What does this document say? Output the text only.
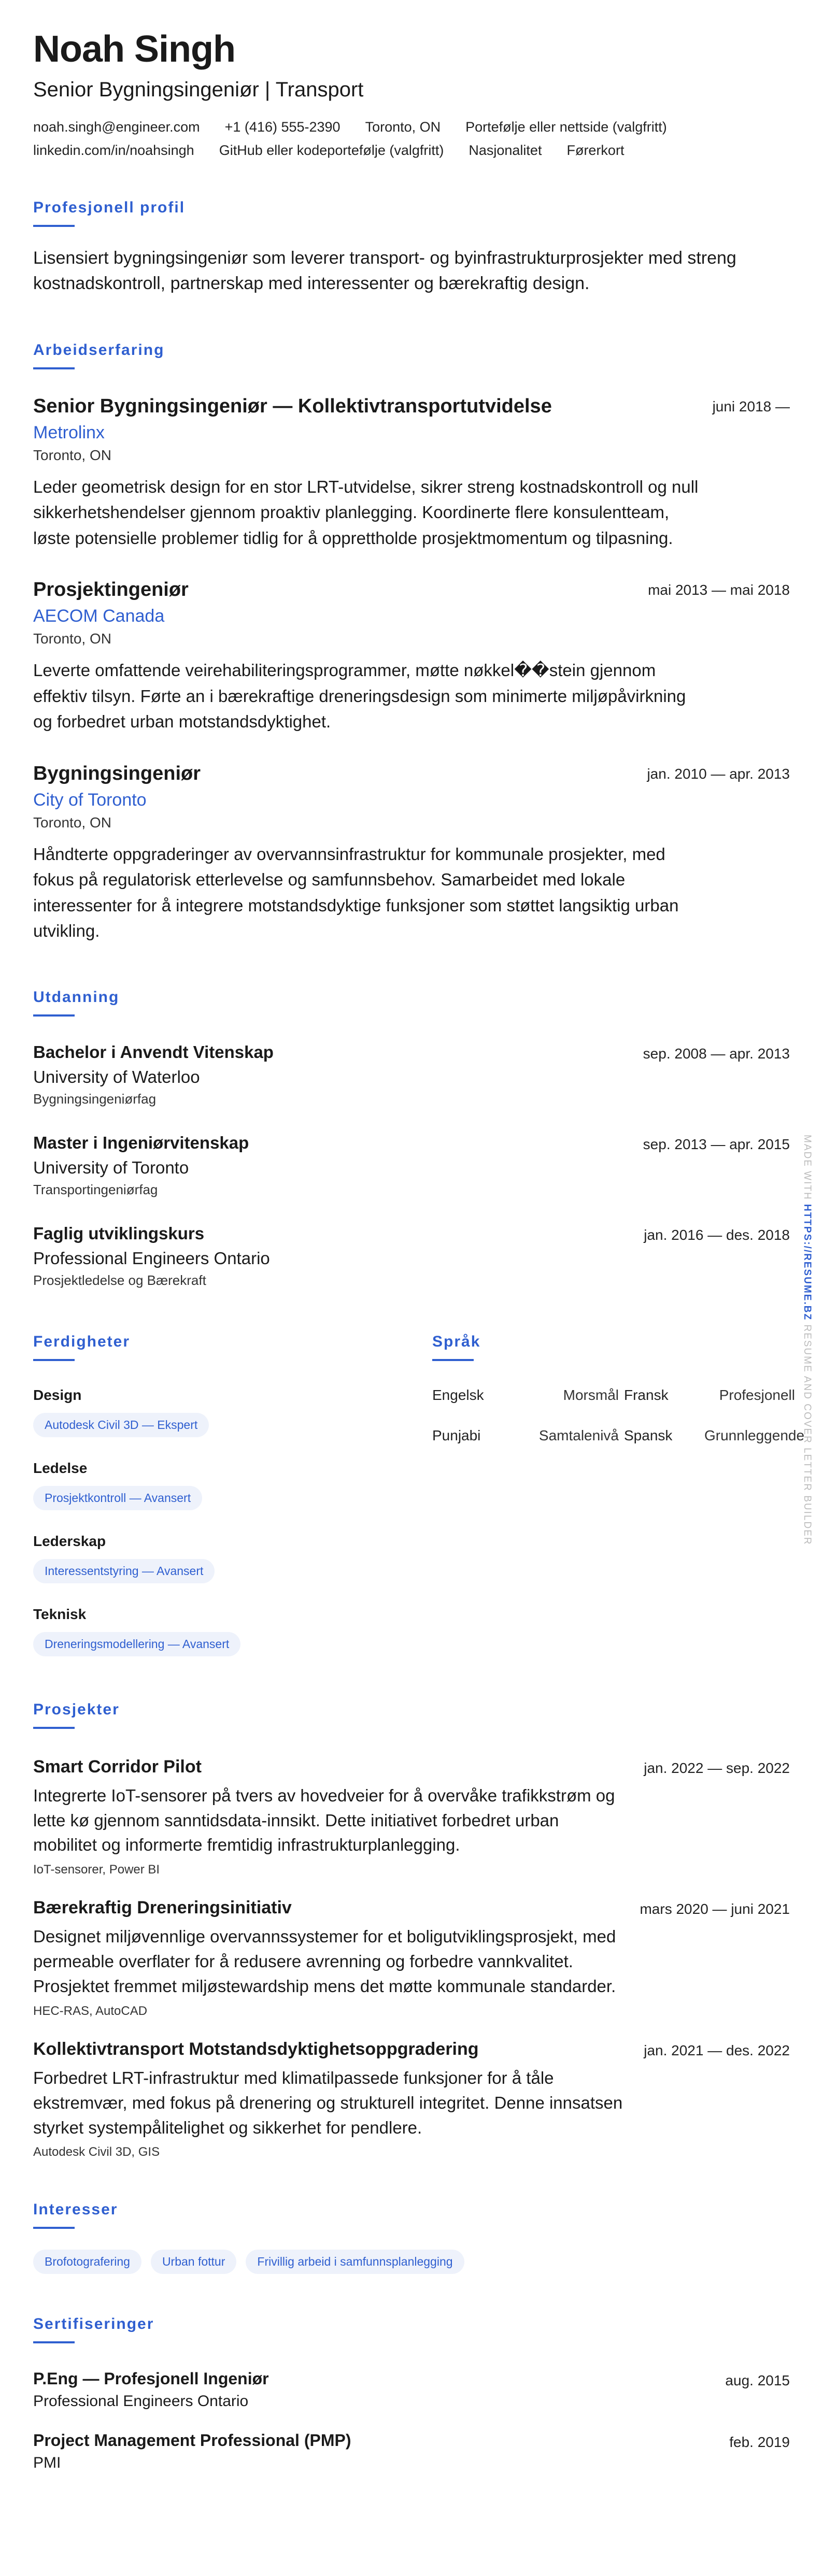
Noah Singh
Senior Bygningsingeniør | Transport
noah.singh@engineer.com +1 (416) 555-2390 Toronto, ON Portefølje eller nettside (valgfritt)
linkedin.com/in/noahsingh GitHub eller kodeportefølje (valgfritt) Nasjonalitet Førerkort
Profesjonell profil
Lisensiert bygningsingeniør som leverer transport- og byinfrastrukturprosjekter med streng kostnadskontroll, partnerskap med interessenter og bærekraftig design.
Arbeidserfaring
Senior Bygningsingeniør — Kollektivtransportutvidelse	juni 2018 —
Metrolinx
Toronto, ON
Leder geometrisk design for en stor LRT-utvidelse, sikrer streng kostnadskontroll og null sikkerhetshendelser gjennom proaktiv planlegging. Koordinerte flere konsulentteam, løste potensielle problemer tidlig for å opprettholde prosjektmomentum og tilpasning.
Prosjektingeniør	mai 2013 — mai 2018
AECOM Canada
Toronto, ON
Leverte omfattende veirehabiliteringsprogrammer, møtte nøkkel��stein gjennom effektiv tilsyn. Førte an i bærekraftige dreneringsdesign som minimerte miljøpåvirkning og forbedret urban motstandsdyktighet.
Bygningsingeniør	jan. 2010 — apr. 2013
City of Toronto
Toronto, ON
Håndterte oppgraderinger av overvannsinfrastruktur for kommunale prosjekter, med fokus på regulatorisk etterlevelse og samfunnsbehov. Samarbeidet med lokale interessenter for å integrere motstandsdyktige funksjoner som støttet langsiktig urban utvikling.
Utdanning
Bachelor i Anvendt Vitenskap	sep. 2008 — apr. 2013
University of Waterloo
Bygningsingeniørfag
Master i Ingeniørvitenskap	sep. 2013 — apr. 2015
University of Toronto
Transportingeniørfag
Faglig utviklingskurs	jan. 2016 — des. 2018
Professional Engineers Ontario
Prosjektledelse og Bærekraft
Ferdigheter
Design
Autodesk Civil 3D — Ekspert
Ledelse
Prosjektkontroll — Avansert
Lederskap
Interessentstyring — Avansert
Teknisk
Dreneringsmodellering — Avansert
Språk
Engelsk	Morsmål Fransk	Profesjonell
Punjabi	Samtalenivå Spansk	Grunnleggende
Prosjekter
Smart Corridor Pilot	jan. 2022 — sep. 2022
Integrerte IoT-sensorer på tvers av hovedveier for å overvåke trafikkstrøm og lette kø gjennom sanntidsdata-innsikt. Dette initiativet forbedret urban mobilitet og informerte fremtidig infrastrukturplanlegging.
IoT-sensorer, Power BI
Bærekraftig Dreneringsinitiativ	mars 2020 — juni 2021
Designet miljøvennlige overvannssystemer for et boligutviklingsprosjekt, med permeable overflater for å redusere avrenning og forbedre vannkvalitet. Prosjektet fremmet miljøstewardship mens det møtte kommunale standarder.
HEC-RAS, AutoCAD
Kollektivtransport Motstandsdyktighetsoppgradering	jan. 2021 — des. 2022
Forbedret LRT-infrastruktur med klimatilpassede funksjoner for å tåle ekstremvær, med fokus på drenering og strukturell integritet. Denne innsatsen styrket systempålitelighet og sikkerhet for pendlere.
Autodesk Civil 3D, GIS
Interesser
Brofotografering	Urban fottur	Frivillig arbeid i samfunnsplanlegging
Sertifiseringer
P.Eng — Profesjonell Ingeniør	aug. 2015
Professional Engineers Ontario
Project Management Professional (PMP)	feb. 2019
PMI
MADE WITH HTTPS://RESUME.BZ RESUME AND COVER LETTER BUILDER
